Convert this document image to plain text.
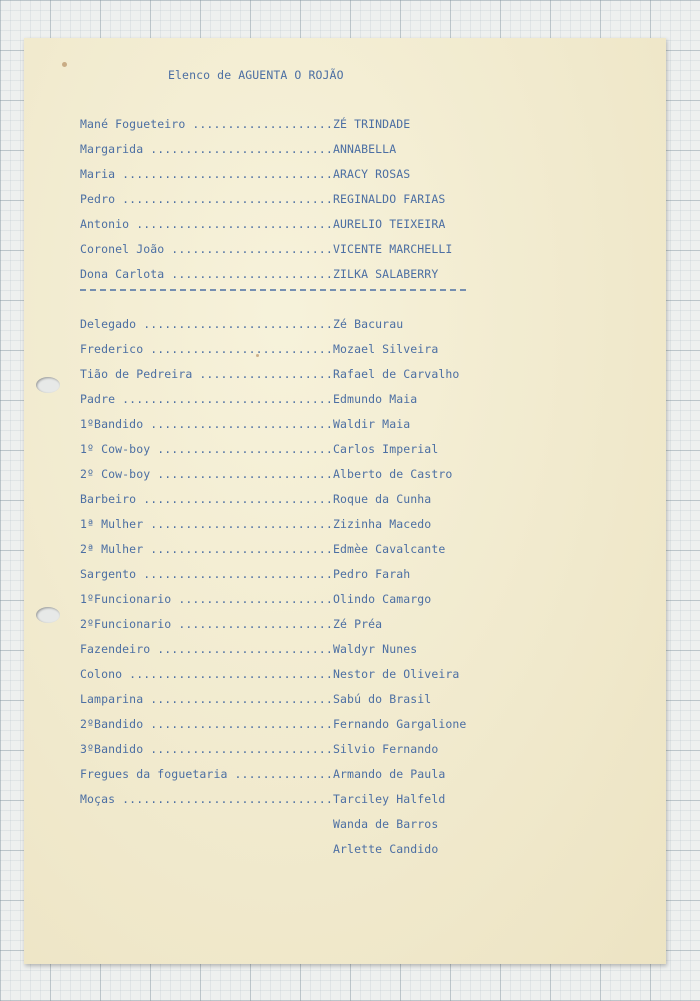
Elenco de AGUENTA O ROJÃO
Mané Fogueteiro .................... ZÉ TRINDADE
Margarida .......................... ANNABELLA
Maria .............................. ARACY ROSAS
Pedro .............................. REGINALDO FARIAS
Antonio ............................ AURELIO TEIXEIRA
Coronel João ....................... VICENTE MARCHELLI
Dona Carlota ....................... ZILKA SALABERRY
Delegado ........................... Zé Bacurau
Frederico .......................... Mozael Silveira
Tião de Pedreira ................... Rafael de Carvalho
Padre .............................. Edmundo Maia
1ºBandido .......................... Waldir Maia
1º Cow-boy ......................... Carlos Imperial
2º Cow-boy ......................... Alberto de Castro
Barbeiro ........................... Roque da Cunha
1ª Mulher .......................... Zizinha Macedo
2ª Mulher .......................... Edmèe Cavalcante
Sargento ........................... Pedro Farah
1ºFuncionario ...................... Olindo Camargo
2ºFuncionario ...................... Zé Préa
Fazendeiro ......................... Waldyr Nunes
Colono ............................. Nestor de Oliveira
Lamparina .......................... Sabú do Brasil
2ºBandido .......................... Fernando Gargalione
3ºBandido .......................... Silvio Fernando
Fregues da foguetaria .............. Armando de Paula
Moças .............................. Tarciley Halfeld
Wanda de Barros
Arlette Candido
